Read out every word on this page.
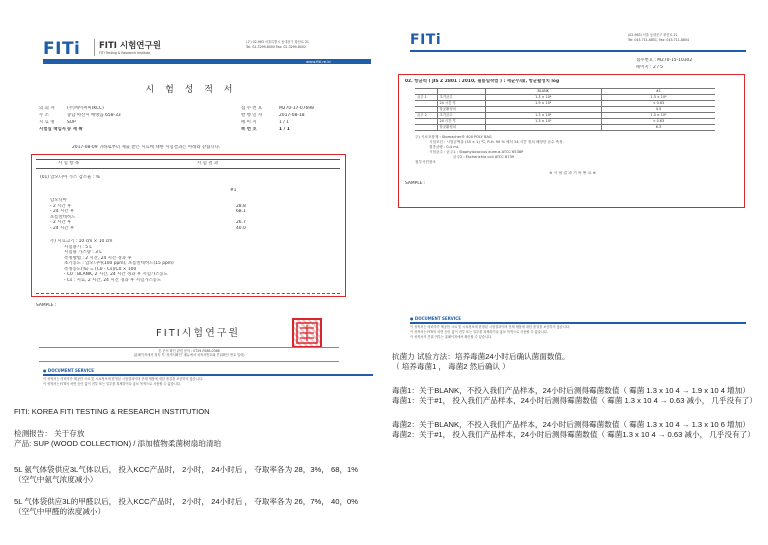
FITi FITI 시험연구원
FITI Testing & Research Institute
(우) 02-963 서울특별시 동대문구 왕산로 21
Tel: 02-3299-8000 Fax: 02-3299-8002
www.fiti.re.kr
시 험 성 적 서
의 뢰 자	(주)케이씨씨(KCC)	접 수 번 호	M270-17-07698
주 소	충남 아산시 배방읍 658-33	발 행 일 자	2017-08-18
시 료 명	SUP	페 이 지	1 / 1
시험실 책임자 송 재 확	쪽 번 호	1 / 1
2017-08-09 귀하로부터 제출 받은 시료에 대한 시험결과는 아래와 같습니다.
시 험 항 목	시 험 결 과
(01) 암모니아 가스 감소율 : %
#1
암모니아
- 2 시간 후	28.8
- 24 시간 후	68.1
포름알데히드
- 2 시간 후	26.7
- 24 시간 후	40.0
주) 시료크기 : 10 cm × 10 cm
시험용기 : 5 L
시험용 가스량 : 3 L
측정방법 : 2 시간, 24 시간 경과 후
초기농도 : 암모니아(100 ppm), 포름알데히드(15 ppm)
측정농도(%) = (C0 - Cs)/C0 × 100
- C0 : BLANK, 2 시간, 24 시간 경과 후 시험가스농도
- Cs : 시료, 2 시간, 24 시간 경과 후 시험가스농도
SAMPLE :
FITI시험연구원
본 문서 확인 관련 문의 : 0729-F086-0386
(홈페이지에서 접속 후 '성적서확인' 메뉴에서 성적서번호와 진위확인 번호 입력)
● DOCUMENT SERVICE
이 성적서는 의뢰자가 제공한 시료 및 시료정보에 한정된 시험결과이며 전체 제품에 대한 품질을 보증하지 않습니다.
이 성적서는 FITI의 서면 승인 없이 전부 또는 일부를 복제하거나 홍보 목적으로 사용할 수 없습니다.
FITi	(02-963) 서울 동대문구 왕산로 21
Tel: 043-711-8851, Fax: 043-711-8804
접수번호 : M270-15-10302
페이지 : 2 / 5
02. 항균력 ( JIS Z 2801 : 2010, 필름밀착법 ) : 세균수/㎠, 항균활성치 log
		BLANK	#1
균주 1	초기균수	1.3 × 10⁴	1.3 × 10⁴
	24 시간 후	1.9 × 10⁴	< 0.63
	항균활성치		4.5
균주 2	초기균수	1.3 × 10⁴	1.3 × 10⁴
	24 시간 후	1.3 × 10⁶	< 0.63
	항균활성치		6.3
주) 시료포장재 : Stomacher® 400 POLY BAG
시험조건 : 시험균액을 (35 ± 1) ℃, R.H. 90 % 에서 24 시간 정치 배양한 균수 측정.
접종균량 : 0.4 mL
시험균주 : 균주1 : Staphylococcus aureus ATCC 6538P
균주2 : Escherichia coli ATCC 8739
첨부사진참조
※ 시 험 결 과 기 록 완 료 ※
SAMPLE :
● DOCUMENT SERVICE
이 성적서는 의뢰자가 제공한 시료 및 시료정보에 한정된 시험결과이며 전체 제품에 대한 품질을 보증하지 않습니다.
이 성적서는 FITI의 서면 승인 없이 전부 또는 일부를 복제하거나 홍보 목적으로 사용할 수 없습니다.
이 성적서의 진위 여부는 홈페이지에서 확인할 수 있습니다.
FITI: KOREA FITI TESTING & RESEARCH INSTITUTION
检测报告： 关于存放
产品: SUP (WOOD COLLECTION) / 添加植物柔菌树扇珀清珀
5L 氨气体袋供应3L气体以后， 投入KCC产品时， 2小时， 24小时后 ， 夺取率各为 28，3%， 68，1%
（空气中氨气浓度减小）
5L 气体袋供应3L的甲醛以后， 投入KCC产品时， 2小时， 24小时后 ， 夺取率各为 26，7%， 40，0%
（空气中甲醛的浓度减小）
抗菌力 试验方法：培养毒菌24小时后确认菌面数值。
（ 培养毒菌1 ， 毒菌2 然后确认 ）
毒菌1：关于BLANK，不投入我们产品样本，24小时后测得霉菌数值（ 霉菌 1.3 x 10 4 → 1.9 x 10 4 增加）
毒菌1：关于#1， 投入我们产品样本，24小时后测得霉菌数值（ 霉菌 1.3 x 10 4 → 0.63 减小， 几乎没有了）
毒菌2：关于BLANK，不投入我们产品样本，24小时后测得霉菌数值（ 霉菌 1.3 x 10 4 → 1.3 x 10 6 增加）
毒菌2：关于#1， 投入我们产品样本，24小时后测得霉菌数值（ 霉菌1.3 x 10 4 → 0.63 减小， 几乎没有了）
